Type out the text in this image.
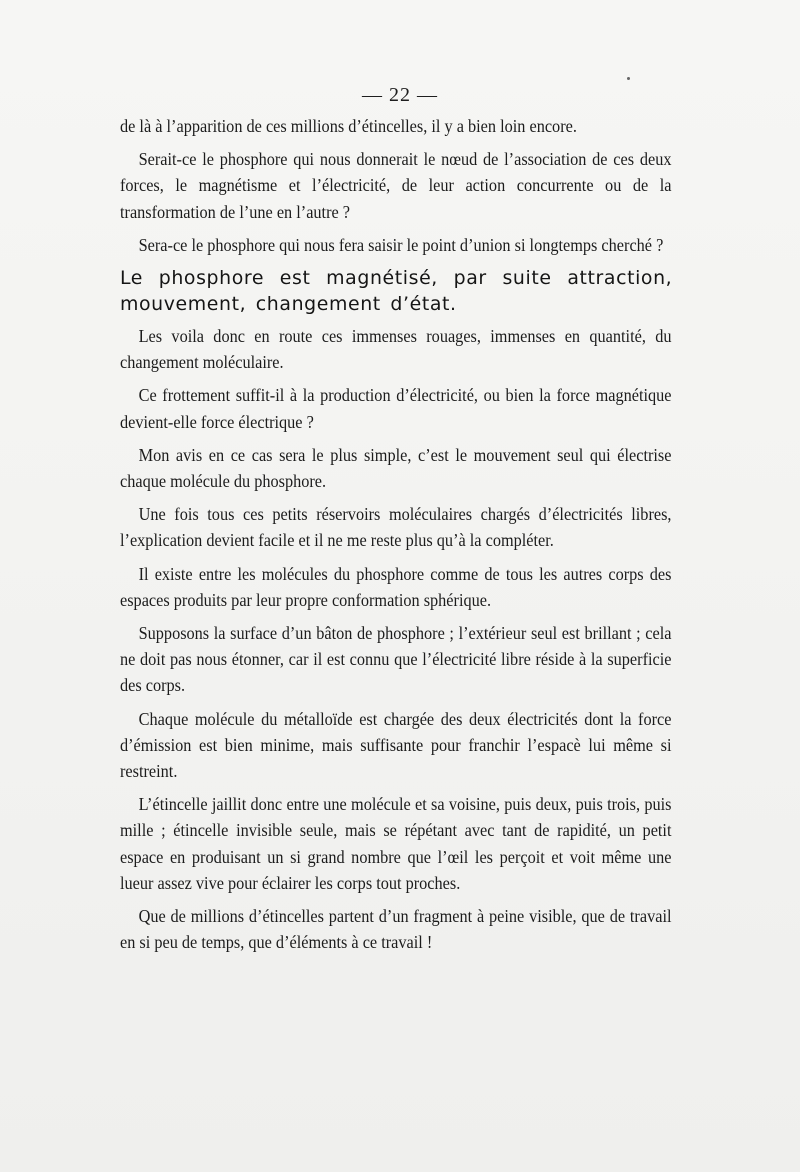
— 22 —

de là à l’apparition de ces millions d’étincelles, il y a bien loin encore.

Serait-ce le phosphore qui nous donnerait le nœud de l’association de ces deux forces, le magnétisme et l’électricité, de leur action concurrente ou de la transformation de l’une en l’autre ?

Sera-ce le phosphore qui nous fera saisir le point d’union si longtemps cherché ?

Le phosphore est magnétisé, par suite attraction, mouvement, changement d’état.

Les voila donc en route ces immenses rouages, immenses en quantité, du changement moléculaire.

Ce frottement suffit-il à la production d’électricité, ou bien la force magnétique devient-elle force électrique ?

Mon avis en ce cas sera le plus simple, c’est le mouvement seul qui électrise chaque molécule du phosphore.

Une fois tous ces petits réservoirs moléculaires chargés d’électricités libres, l’explication devient facile et il ne me reste plus qu’à la compléter.

Il existe entre les molécules du phosphore comme de tous les autres corps des espaces produits par leur propre conformation sphérique.

Supposons la surface d’un bâton de phosphore ; l’extérieur seul est brillant ; cela ne doit pas nous étonner, car il est connu que l’électricité libre réside à la superficie des corps.

Chaque molécule du métalloïde est chargée des deux électricités dont la force d’émission est bien minime, mais suffisante pour franchir l’espacè lui même si restreint.

L’étincelle jaillit donc entre une molécule et sa voisine, puis deux, puis trois, puis mille ; étincelle invisible seule, mais se répétant avec tant de rapidité, un petit espace en produisant un si grand nombre que l’œil les perçoit et voit même une lueur assez vive pour éclairer les corps tout proches.

Que de millions d’étincelles partent d’un fragment à peine visible, que de travail en si peu de temps, que d’éléments à ce travail !
